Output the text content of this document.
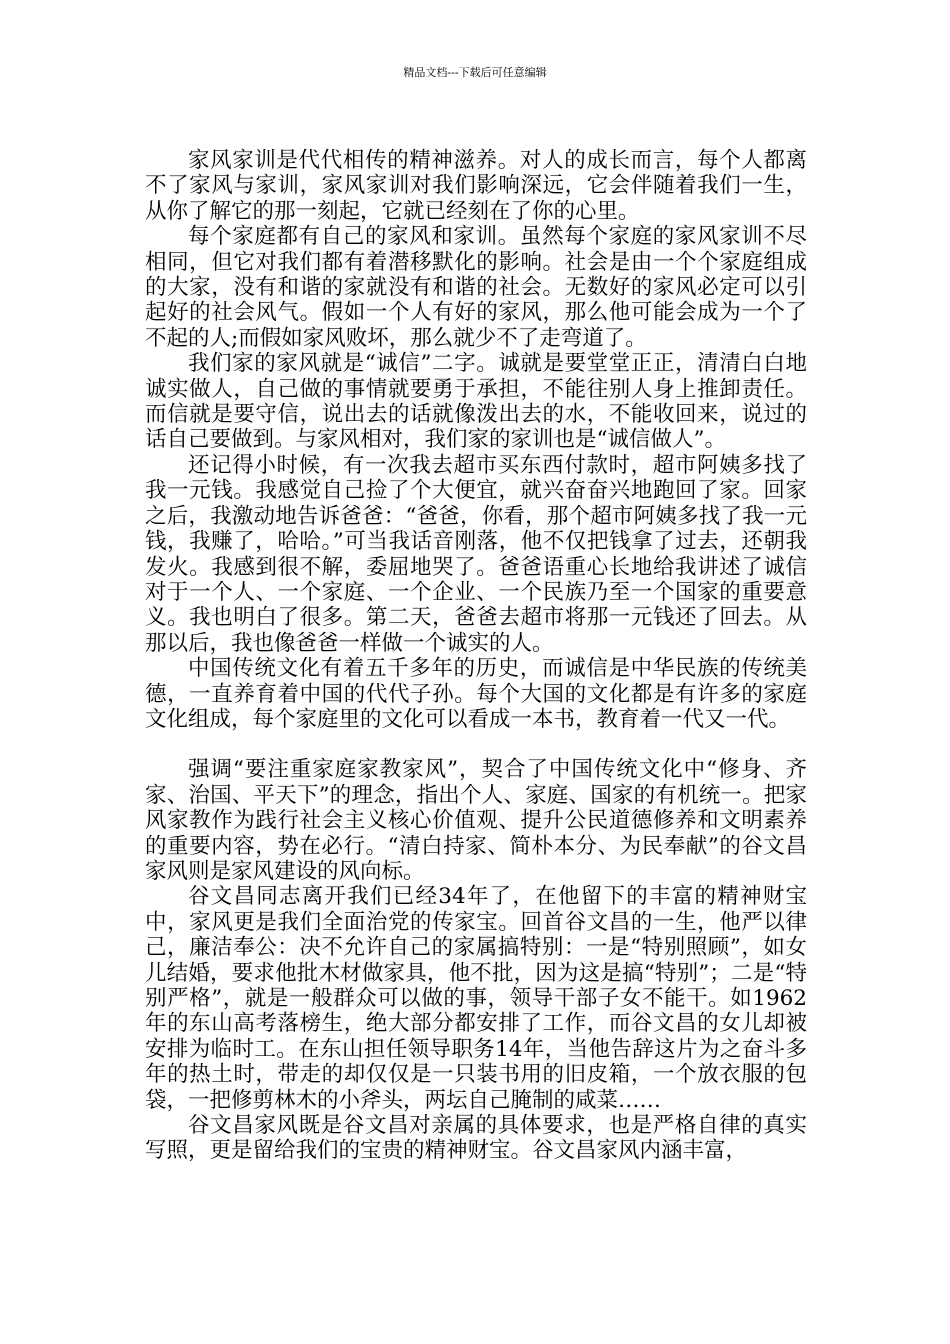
精品文档---下载后可任意编辑

家风家训是代代相传的精神滋养。对人的成长而言，每个人都离不了家风与家训，家风家训对我们影响深远，它会伴随着我们一生，从你了解它的那一刻起，它就已经刻在了你的心里。

每个家庭都有自己的家风和家训。虽然每个家庭的家风家训不尽相同，但它对我们都有着潜移默化的影响。社会是由一个个家庭组成的大家，没有和谐的家就没有和谐的社会。无数好的家风必定可以引起好的社会风气。假如一个人有好的家风，那么他可能会成为一个了不起的人;而假如家风败坏，那么就少不了走弯道了。

我们家的家风就是“诚信”二字。诚就是要堂堂正正，清清白白地诚实做人，自己做的事情就要勇于承担，不能往别人身上推卸责任。而信就是要守信，说出去的话就像泼出去的水，不能收回来，说过的话自己要做到。与家风相对，我们家的家训也是“诚信做人”。

还记得小时候，有一次我去超市买东西付款时，超市阿姨多找了我一元钱。我感觉自己捡了个大便宜，就兴奋奋兴地跑回了家。回家之后，我激动地告诉爸爸：“爸爸，你看，那个超市阿姨多找了我一元钱，我赚了，哈哈。”可当我话音刚落，他不仅把钱拿了过去，还朝我发火。我感到很不解，委屈地哭了。爸爸语重心长地给我讲述了诚信对于一个人、一个家庭、一个企业、一个民族乃至一个国家的重要意义。我也明白了很多。第二天，爸爸去超市将那一元钱还了回去。从那以后，我也像爸爸一样做一个诚实的人。

中国传统文化有着五千多年的历史，而诚信是中华民族的传统美德，一直养育着中国的代代子孙。每个大国的文化都是有许多的家庭文化组成，每个家庭里的文化可以看成一本书，教育着一代又一代。

强调“要注重家庭家教家风”，契合了中国传统文化中“修身、齐家、治国、平天下”的理念，指出个人、家庭、国家的有机统一。把家风家教作为践行社会主义核心价值观、提升公民道德修养和文明素养的重要内容，势在必行。“清白持家、简朴本分、为民奉献”的谷文昌家风则是家风建设的风向标。

谷文昌同志离开我们已经34年了，在他留下的丰富的精神财宝中，家风更是我们全面治党的传家宝。回首谷文昌的一生，他严以律己，廉洁奉公：决不允许自己的家属搞特别：一是“特别照顾”，如女儿结婚，要求他批木材做家具，他不批，因为这是搞“特别”；二是“特别严格”，就是一般群众可以做的事，领导干部子女不能干。如1962年的东山高考落榜生，绝大部分都安排了工作，而谷文昌的女儿却被安排为临时工。在东山担任领导职务14年，当他告辞这片为之奋斗多年的热土时，带走的却仅仅是一只装书用的旧皮箱，一个放衣服的包袋，一把修剪林木的小斧头，两坛自己腌制的咸菜……

谷文昌家风既是谷文昌对亲属的具体要求，也是严格自律的真实写照，更是留给我们的宝贵的精神财宝。谷文昌家风内涵丰富，
